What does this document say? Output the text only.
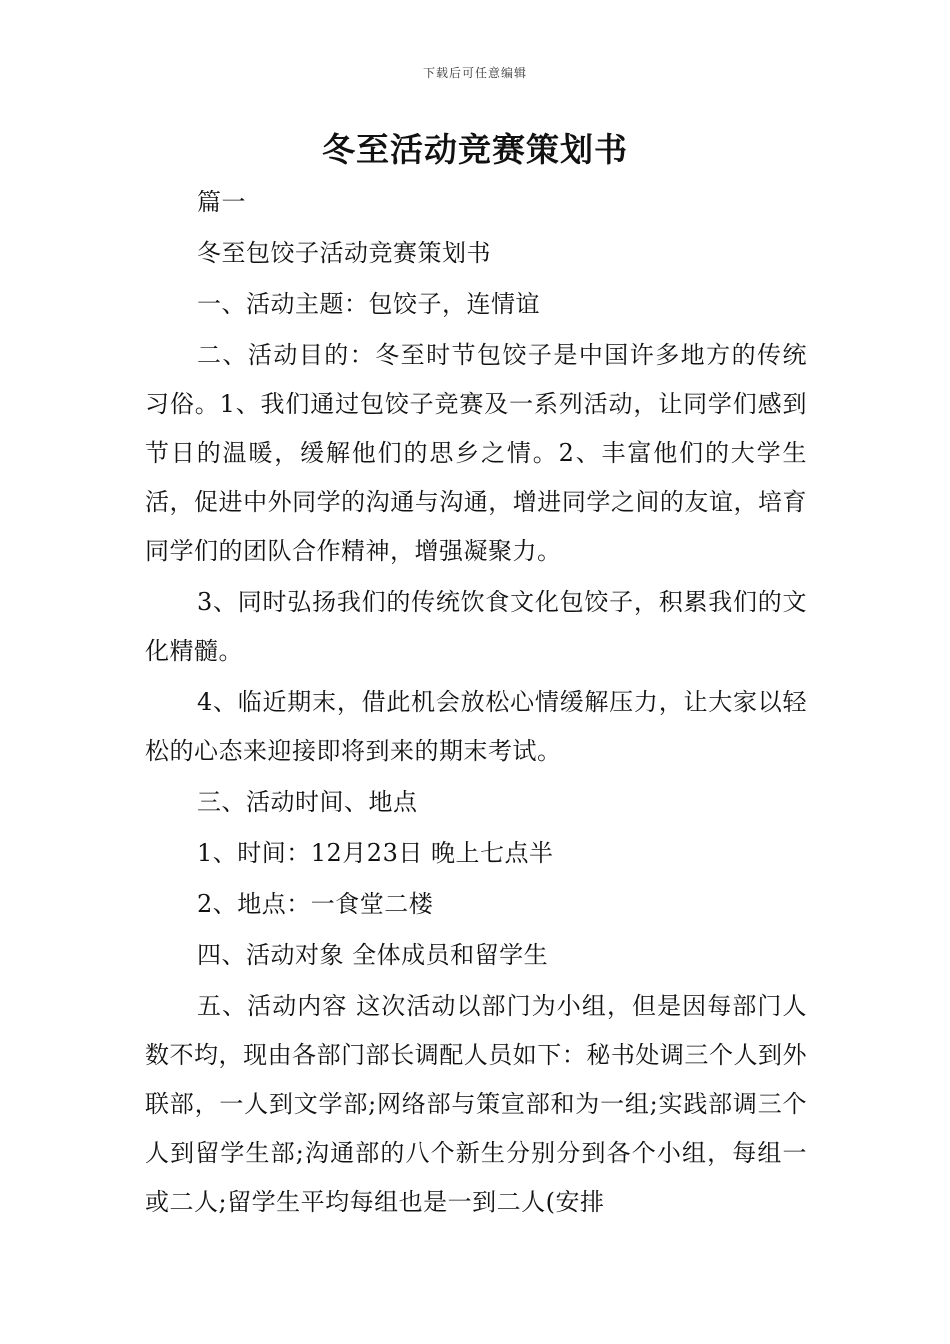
下载后可任意编辑
冬至活动竞赛策划书

篇一

冬至包饺子活动竞赛策划书

一、活动主题：包饺子，连情谊

二、活动目的：冬至时节包饺子是中国许多地方的传统习俗。1、我们通过包饺子竞赛及一系列活动，让同学们感到节日的温暖，缓解他们的思乡之情。2、丰富他们的大学生活，促进中外同学的沟通与沟通，增进同学之间的友谊，培育同学们的团队合作精神，增强凝聚力。

3、同时弘扬我们的传统饮食文化包饺子，积累我们的文化精髓。

4、临近期末，借此机会放松心情缓解压力，让大家以轻松的心态来迎接即将到来的期末考试。

三、活动时间、地点

1、时间：12月23日 晚上七点半

2、地点：一食堂二楼

四、活动对象 全体成员和留学生

五、活动内容 这次活动以部门为小组，但是因每部门人数不均，现由各部门部长调配人员如下：秘书处调三个人到外联部，一人到文学部;网络部与策宣部和为一组;实践部调三个人到留学生部;沟通部的八个新生分别分到各个小组，每组一或二人;留学生平均每组也是一到二人(安排
